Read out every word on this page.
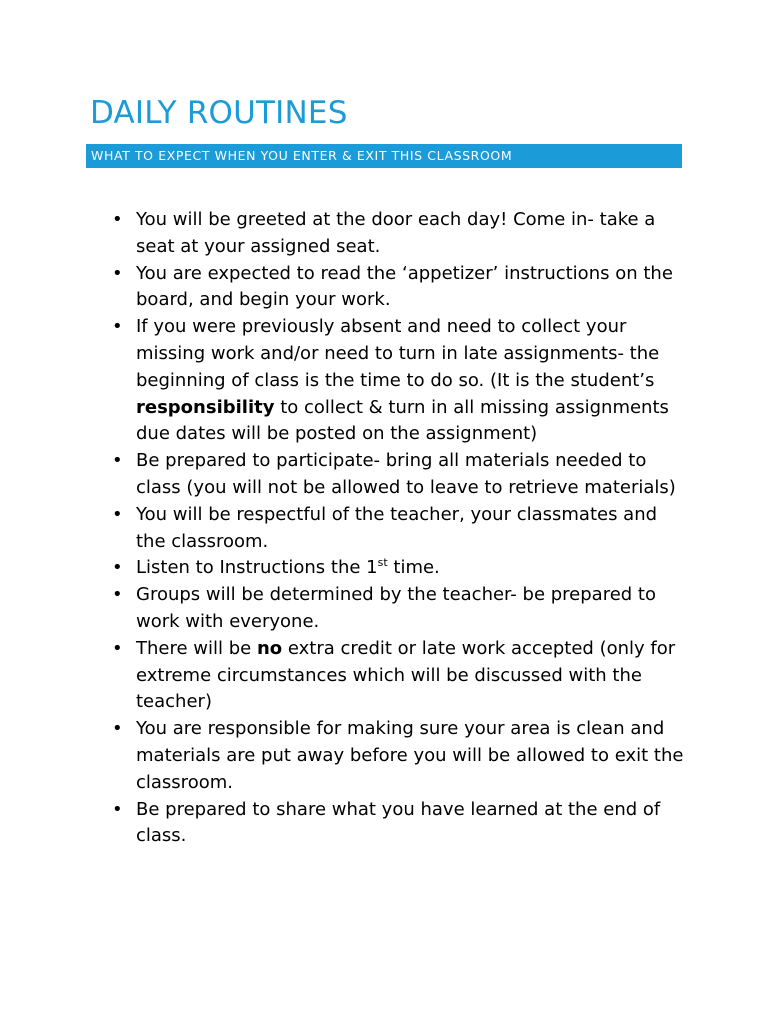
DAILY ROUTINES
WHAT TO EXPECT WHEN YOU ENTER & EXIT THIS CLASSROOM
• You will be greeted at the door each day! Come in- take a seat at your assigned seat.
• You are expected to read the ‘appetizer’ instructions on the board, and begin your work.
• If you were previously absent and need to collect your missing work and/or need to turn in late assignments- the beginning of class is the time to do so. (It is the student’s responsibility to collect & turn in all missing assignments due dates will be posted on the assignment)
• Be prepared to participate- bring all materials needed to class (you will not be allowed to leave to retrieve materials)
• You will be respectful of the teacher, your classmates and the classroom.
• Listen to Instructions the 1st time.
• Groups will be determined by the teacher- be prepared to work with everyone.
• There will be no extra credit or late work accepted (only for extreme circumstances which will be discussed with the teacher)
• You are responsible for making sure your area is clean and materials are put away before you will be allowed to exit the classroom.
• Be prepared to share what you have learned at the end of class.
